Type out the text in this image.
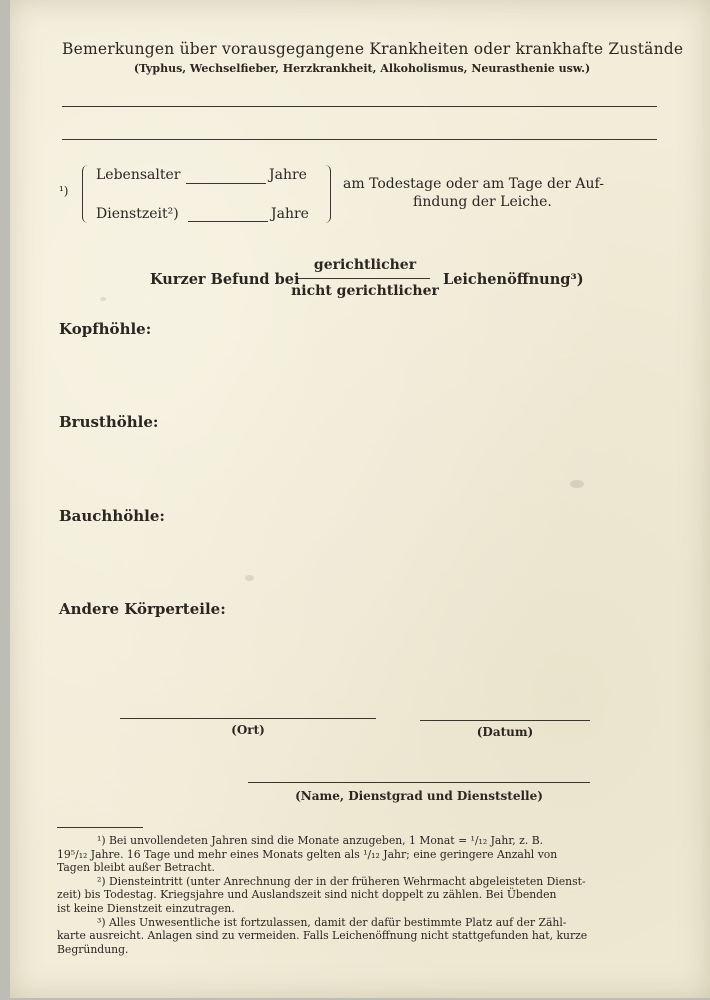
Bemerkungen über vorausgegangene Krankheiten oder krankhafte Zustände
(Typhus, Wechselfieber, Herzkrankheit, Alkoholismus, Neurasthenie usw.)
¹)
Lebensalter	Jahre
Dienstzeit²)	Jahre
am Todestage oder am Tage der Auf-
findung der Leiche.
Kurzer Befund bei
gerichtlicher
nicht gerichtlicher
Leichenöffnung³)
Kopfhöhle:
Brusthöhle:
Bauchhöhle:
Andere Körperteile:
(Ort)	(Datum)
(Name, Dienstgrad und Dienststelle)

¹) Bei unvollendeten Jahren sind die Monate anzugeben, 1 Monat = ¹/₁₂ Jahr, z. B.

19⁵/₁₂ Jahre. 16 Tage und mehr eines Monats gelten als ¹/₁₂ Jahr; eine geringere Anzahl von

Tagen bleibt außer Betracht.

²) Diensteintritt (unter Anrechnung der in der früheren Wehrmacht abgeleisteten Dienst-

zeit) bis Todestag. Kriegsjahre und Auslandszeit sind nicht doppelt zu zählen. Bei Übenden

ist keine Dienstzeit einzutragen.

³) Alles Unwesentliche ist fortzulassen, damit der dafür bestimmte Platz auf der Zähl-

karte ausreicht. Anlagen sind zu vermeiden. Falls Leichenöffnung nicht stattgefunden hat, kurze

Begründung.
